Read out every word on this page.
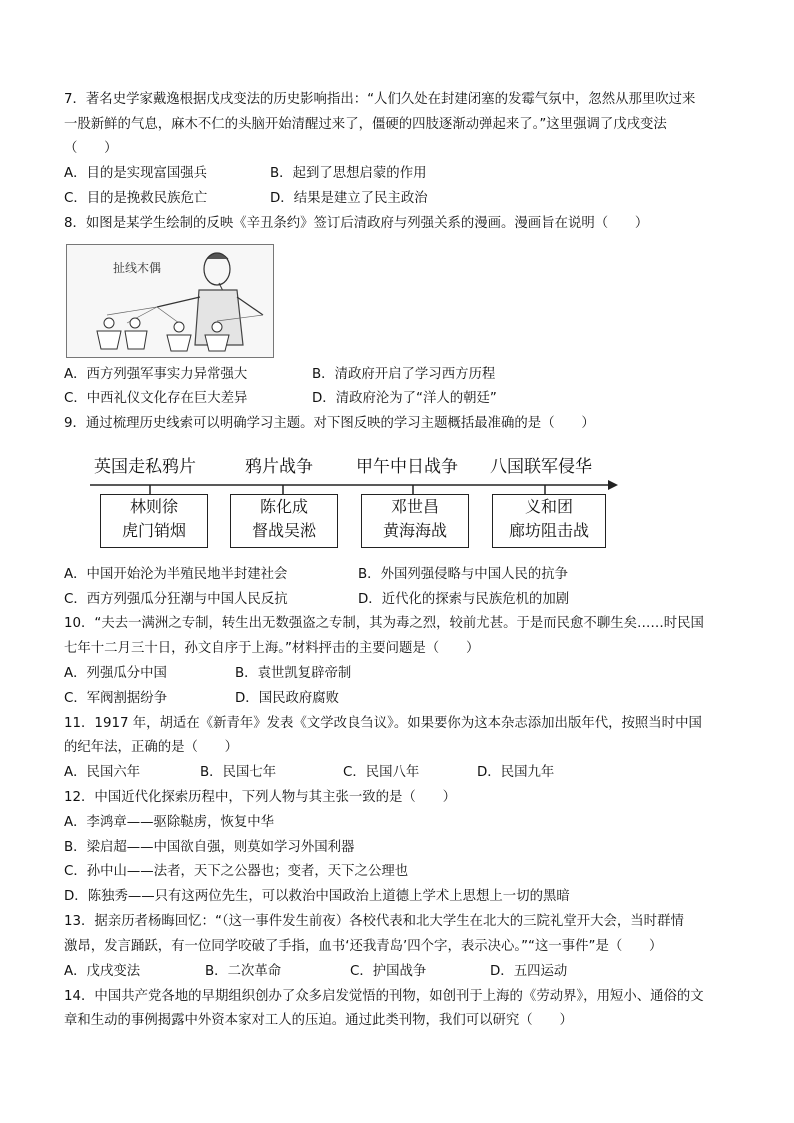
7．著名史学家戴逸根据戊戌变法的历史影响指出：“人们久处在封建闭塞的发霉气氛中，忽然从那里吹过来
一股新鲜的气息，麻木不仁的头脑开始清醒过来了，僵硬的四肢逐渐动弹起来了。”这里强调了戊戌变法
（　　）
A．目的是实现富国强兵	B．起到了思想启蒙的作用
C．目的是挽救民族危亡	D．结果是建立了民主政治
8．如图是某学生绘制的反映《辛丑条约》签订后清政府与列强关系的漫画。漫画旨在说明（　　）
扯线木偶
A．西方列强军事实力异常强大	B．清政府开启了学习西方历程
C．中西礼仪文化存在巨大差异	D．清政府沦为了“洋人的朝廷”
9．通过梳理历史线索可以明确学习主题。对下图反映的学习主题概括最准确的是（　　）
英国走私鸦片	鸦片战争	甲午中日战争 八国联军侵华
林则徐
虎门销烟
陈化成
督战吴淞
邓世昌
黄海海战
义和团
廊坊阻击战
A．中国开始沦为半殖民地半封建社会	B．外国列强侵略与中国人民的抗争
C．西方列强瓜分狂潮与中国人民反抗	D．近代化的探索与民族危机的加剧
10．“夫去一满洲之专制，转生出无数强盗之专制，其为毒之烈，较前尤甚。于是而民愈不聊生矣……时民国
七年十二月三十日，孙文自序于上海。”材料抨击的主要问题是（　　）
A．列强瓜分中国	B．袁世凯复辟帝制
C．军阀割据纷争	D．国民政府腐败
11．1917 年，胡适在《新青年》发表《文学改良刍议》。如果要你为这本杂志添加出版年代，按照当时中国
的纪年法，正确的是（　　）
A．民国六年	B．民国七年	C．民国八年	D．民国九年
12．中国近代化探索历程中，下列人物与其主张一致的是（　　）
A．李鸿章——驱除鞑虏，恢复中华
B．梁启超——中国欲自强，则莫如学习外国利器
C．孙中山——法者，天下之公器也；变者，天下之公理也
D．陈独秀——只有这两位先生，可以救治中国政治上道德上学术上思想上一切的黑暗
13．据亲历者杨晦回忆：“（这一事件发生前夜）各校代表和北大学生在北大的三院礼堂开大会，当时群情
激昂，发言踊跃，有一位同学咬破了手指，血书‘还我青岛’四个字，表示决心。”“这一事件”是（　　）
A．戊戌变法	B．二次革命	C．护国战争	D．五四运动
14．中国共产党各地的早期组织创办了众多启发觉悟的刊物，如创刊于上海的《劳动界》，用短小、通俗的文
章和生动的事例揭露中外资本家对工人的压迫。通过此类刊物，我们可以研究（　　）
